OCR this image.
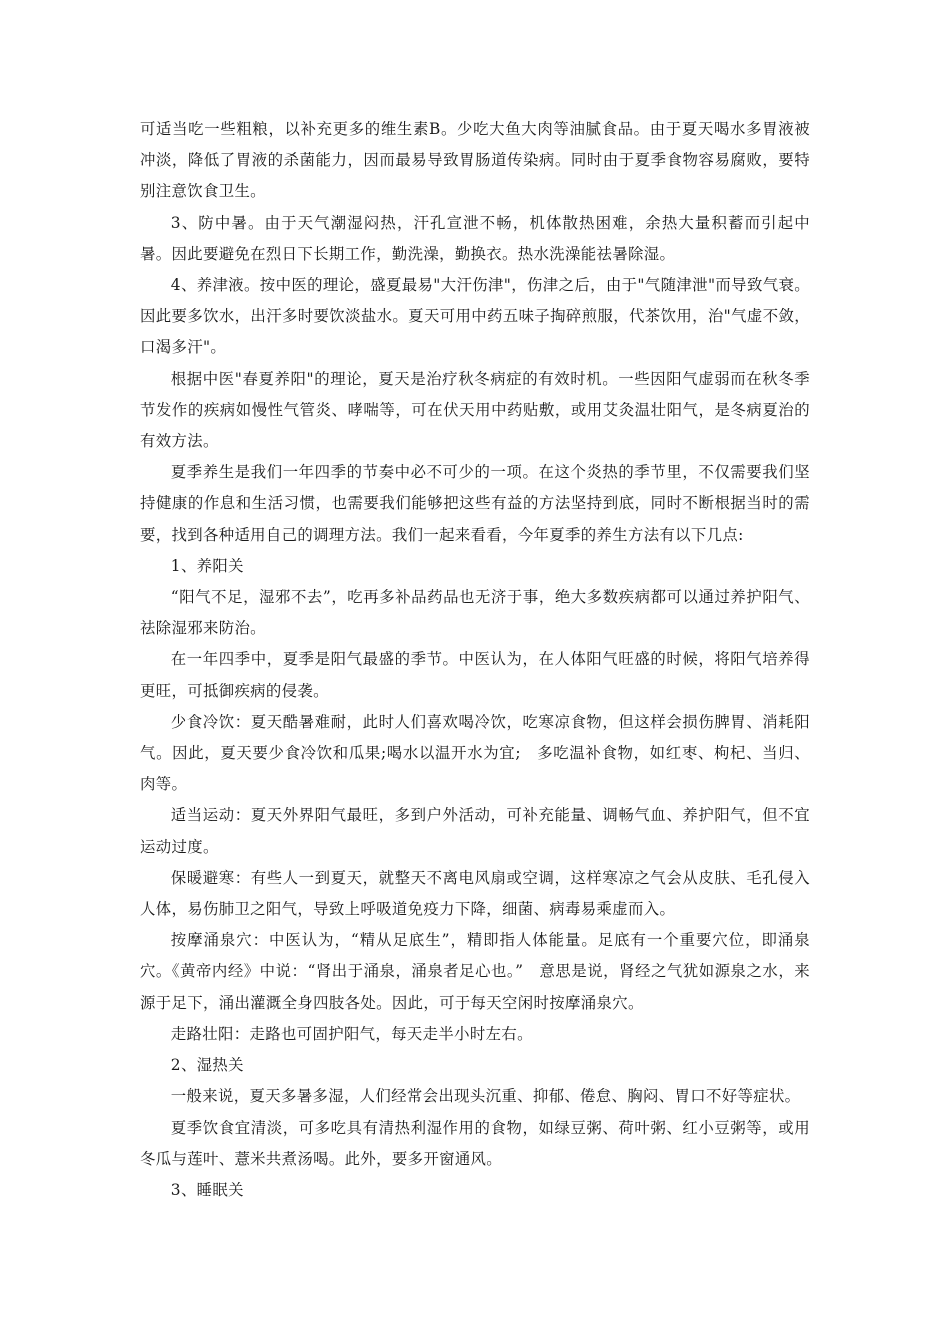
可适当吃一些粗粮，以补充更多的维生素B。少吃大鱼大肉等油腻食品。由于夏天喝水多胃液被冲淡，降低了胃液的杀菌能力，因而最易导致胃肠道传染病。同时由于夏季食物容易腐败，要特别注意饮食卫生。

3、防中暑。由于天气潮湿闷热，汗孔宣泄不畅，机体散热困难，余热大量积蓄而引起中暑。因此要避免在烈日下长期工作，勤洗澡，勤换衣。热水洗澡能祛暑除湿。

4、养津液。按中医的理论，盛夏最易"大汗伤津"，伤津之后，由于"气随津泄"而导致气衰。因此要多饮水，出汗多时要饮淡盐水。夏天可用中药五味子掏碎煎服，代茶饮用，治"气虚不敛，口渴多汗"。

根据中医"春夏养阳"的理论，夏天是治疗秋冬病症的有效时机。一些因阳气虚弱而在秋冬季节发作的疾病如慢性气管炎、哮喘等，可在伏天用中药贴敷，或用艾灸温壮阳气，是冬病夏治的有效方法。

夏季养生是我们一年四季的节奏中必不可少的一项。在这个炎热的季节里，不仅需要我们坚持健康的作息和生活习惯，也需要我们能够把这些有益的方法坚持到底，同时不断根据当时的需要，找到各种适用自己的调理方法。我们一起来看看，今年夏季的养生方法有以下几点:

1、养阳关

“阳气不足，湿邪不去”，吃再多补品药品也无济于事，绝大多数疾病都可以通过养护阳气、祛除湿邪来防治。

在一年四季中，夏季是阳气最盛的季节。中医认为，在人体阳气旺盛的时候，将阳气培养得更旺，可抵御疾病的侵袭。

少食冷饮：夏天酷暑难耐，此时人们喜欢喝冷饮，吃寒凉食物，但这样会损伤脾胃、消耗阳气。因此，夏天要少食冷饮和瓜果;喝水以温开水为宜;　多吃温补食物，如红枣、枸杞、当归、肉等。

适当运动：夏天外界阳气最旺，多到户外活动，可补充能量、调畅气血、养护阳气，但不宜运动过度。

保暖避寒：有些人一到夏天，就整天不离电风扇或空调，这样寒凉之气会从皮肤、毛孔侵入人体，易伤肺卫之阳气，导致上呼吸道免疫力下降，细菌、病毒易乘虚而入。

按摩涌泉穴：中医认为，“精从足底生”，精即指人体能量。足底有一个重要穴位，即涌泉穴。《黄帝内经》中说：“肾出于涌泉，涌泉者足心也。”　意思是说，肾经之气犹如源泉之水，来源于足下，涌出灌溉全身四肢各处。因此，可于每天空闲时按摩涌泉穴。

走路壮阳：走路也可固护阳气，每天走半小时左右。

2、湿热关

一般来说，夏天多暑多湿，人们经常会出现头沉重、抑郁、倦怠、胸闷、胃口不好等症状。

夏季饮食宜清淡，可多吃具有清热利湿作用的食物，如绿豆粥、荷叶粥、红小豆粥等，或用冬瓜与莲叶、薏米共煮汤喝。此外，要多开窗通风。

3、睡眠关
